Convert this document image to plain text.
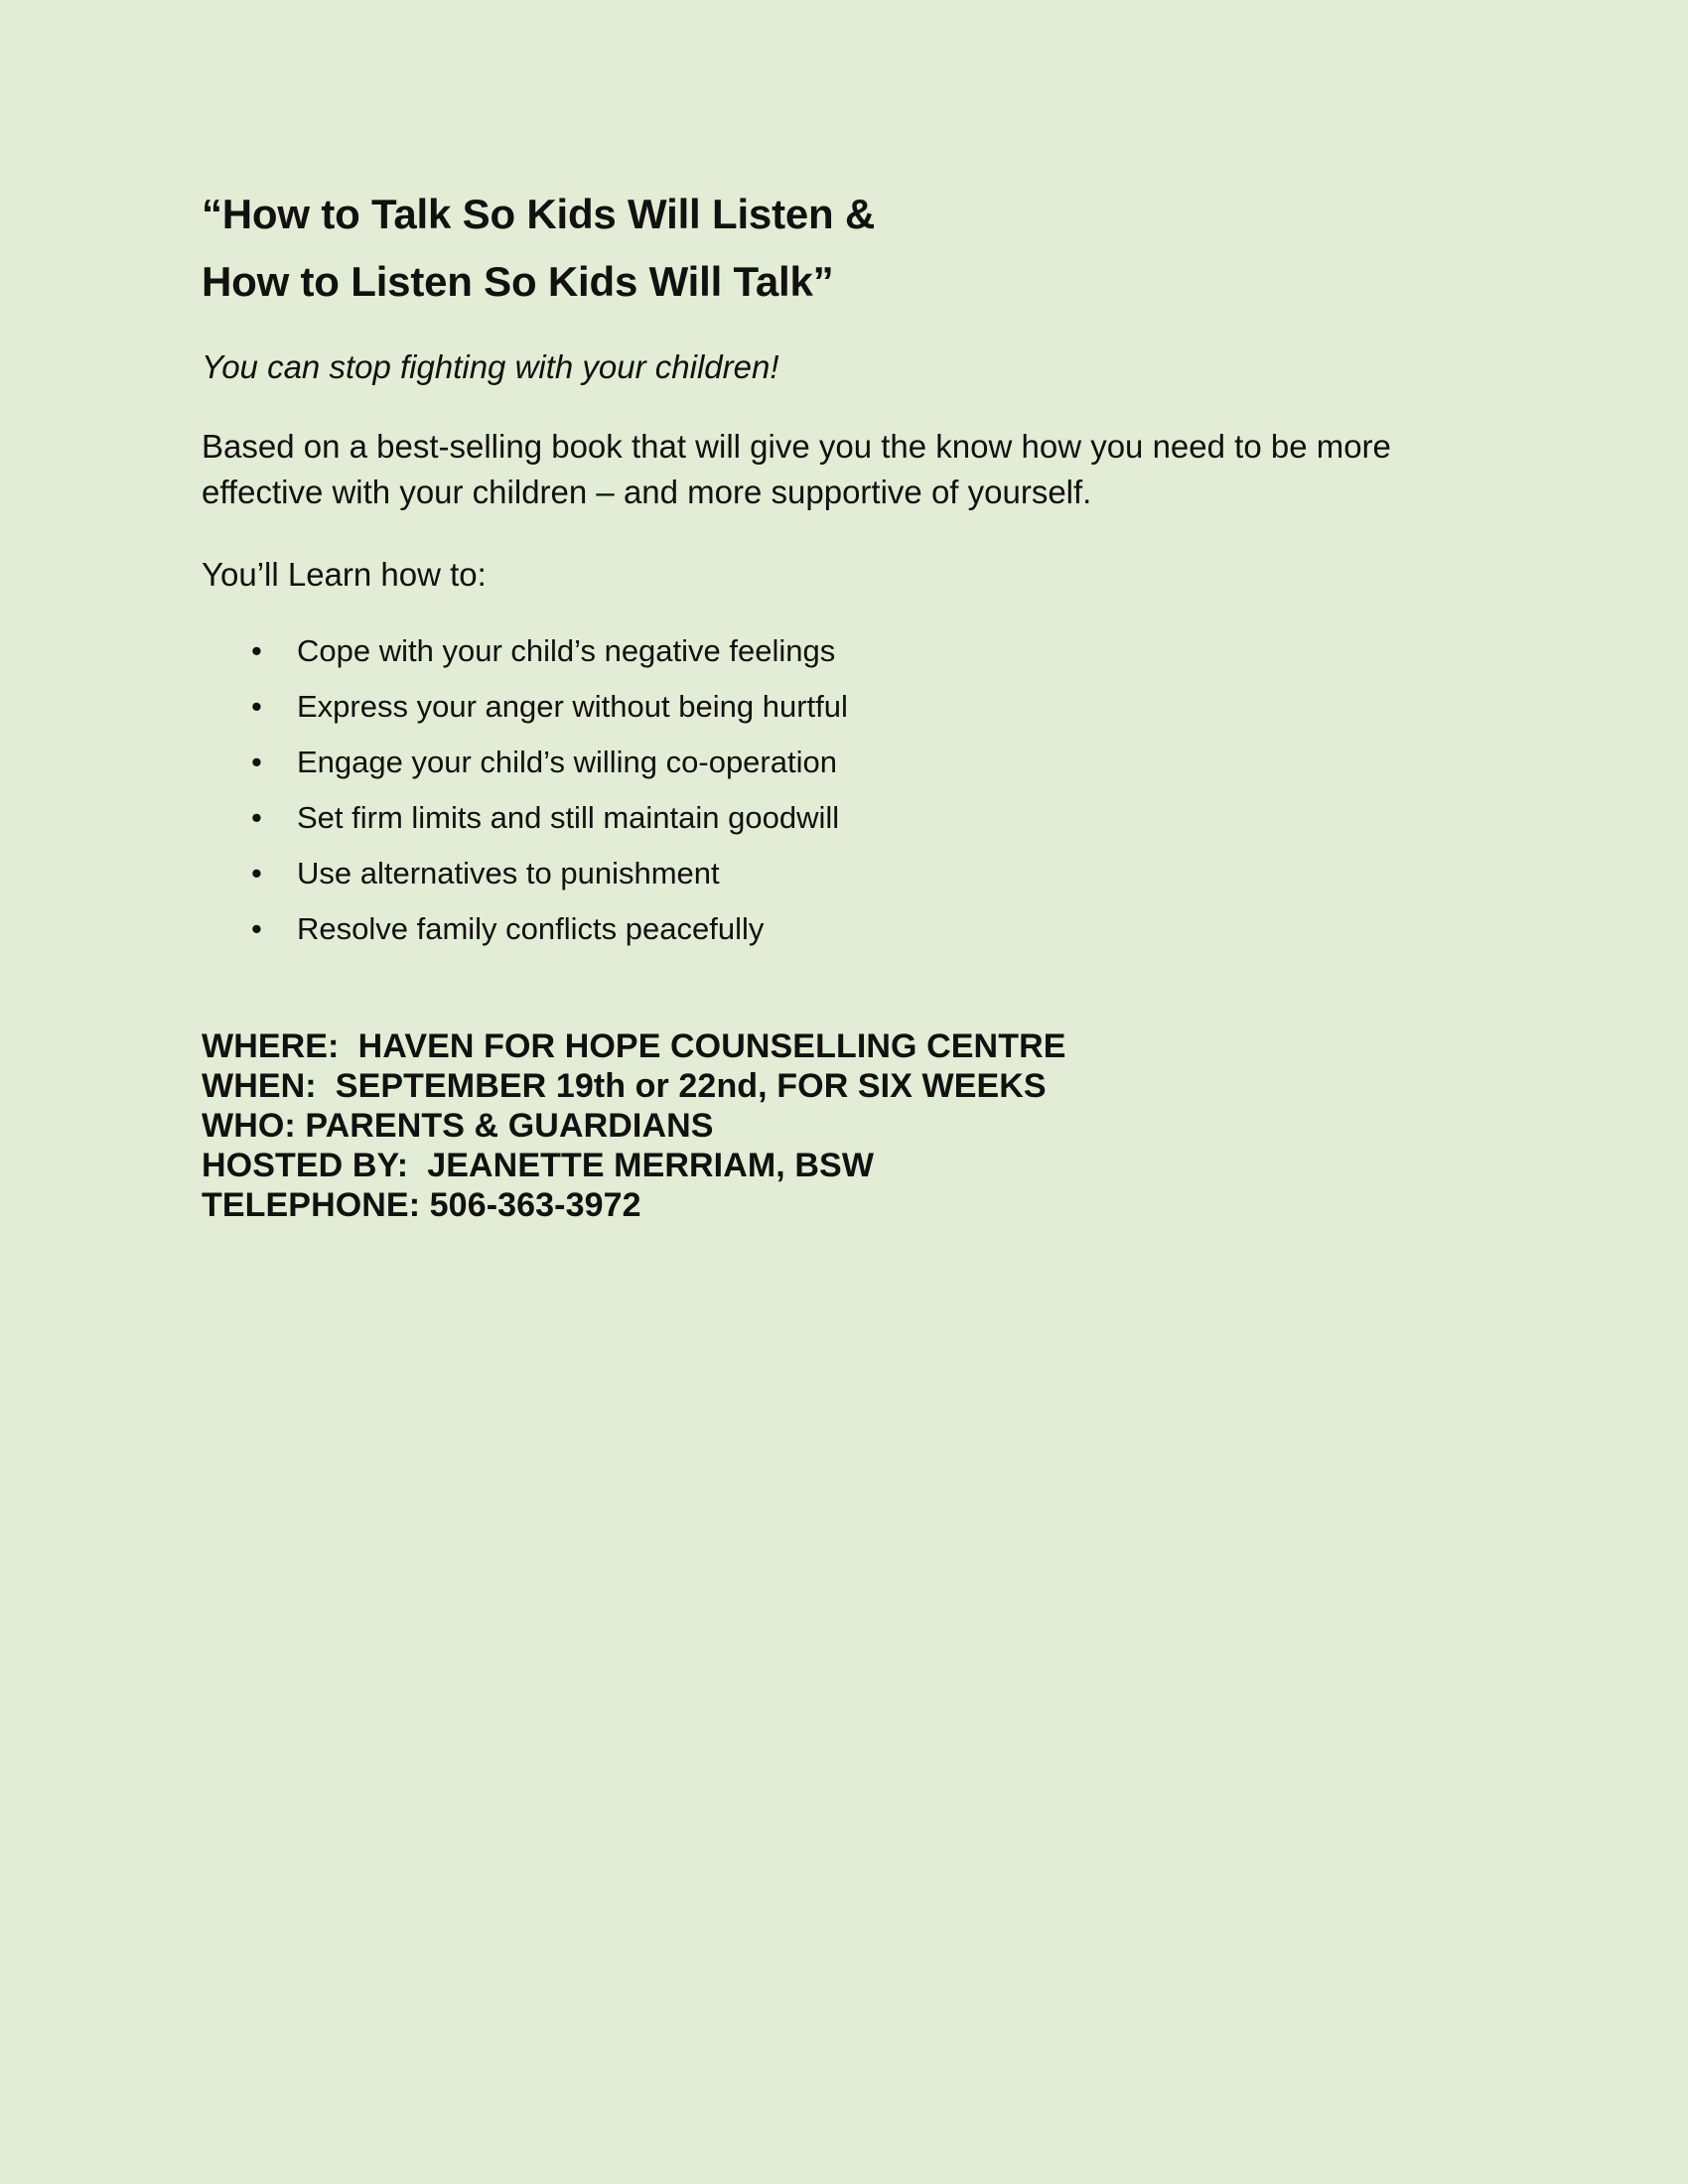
“How to Talk So Kids Will Listen &
How to Listen So Kids Will Talk”

You can stop fighting with your children!

Based on a best-selling book that will give you the know how you need to be more effective with your children – and more supportive of yourself.

You’ll Learn how to:

• Cope with your child’s negative feelings
• Express your anger without being hurtful
• Engage your child’s willing co-operation
• Set firm limits and still maintain goodwill
• Use alternatives to punishment
• Resolve family conflicts peacefully
WHERE:  HAVEN FOR HOPE COUNSELLING CENTRE
WHEN:  SEPTEMBER 19th or 22nd, FOR SIX WEEKS
WHO: PARENTS & GUARDIANS
HOSTED BY:  JEANETTE MERRIAM, BSW
TELEPHONE: 506-363-3972
